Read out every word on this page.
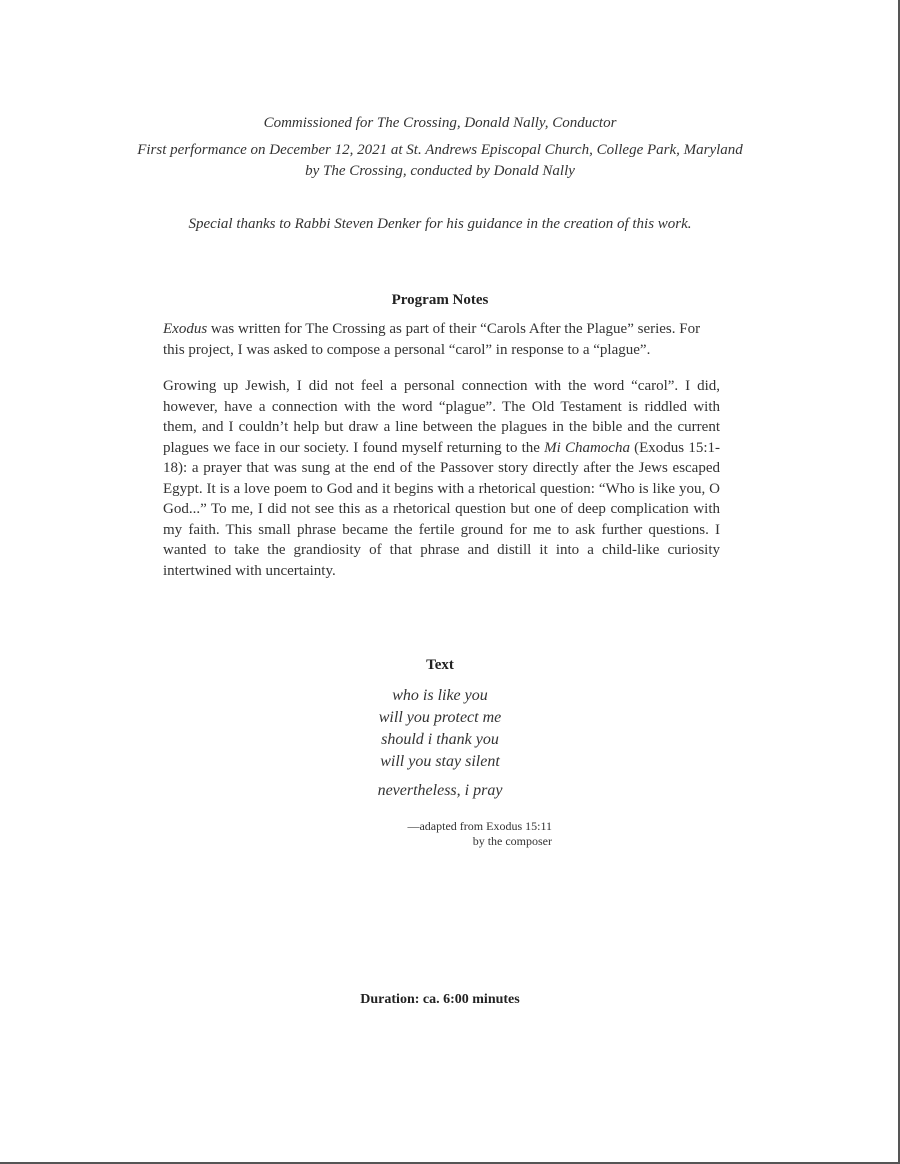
Commissioned for The Crossing, Donald Nally, Conductor
First performance on December 12, 2021 at St. Andrews Episcopal Church, College Park, Maryland
by The Crossing, conducted by Donald Nally
Special thanks to Rabbi Steven Denker for his guidance in the creation of this work.
Program Notes
Exodus was written for The Crossing as part of their “Carols After the Plague” series. For this project, I was asked to compose a personal “carol” in response to a “plague”.
Growing up Jewish, I did not feel a personal connection with the word “carol”. I did, however, have a connection with the word “plague”. The Old Testament is riddled with them, and I couldn’t help but draw a line between the plagues in the bible and the current plagues we face in our society. I found myself returning to the Mi Chamocha (Exodus 15:1-18): a prayer that was sung at the end of the Passover story directly after the Jews escaped Egypt. It is a love poem to God and it begins with a rhetorical question: “Who is like you, O God...” To me, I did not see this as a rhetorical question but one of deep complication with my faith. This small phrase became the fertile ground for me to ask further questions. I wanted to take the grandiosity of that phrase and distill it into a child-like curiosity intertwined with uncertainty.
Text
who is like you
will you protect me
should i thank you
will you stay silent
nevertheless, i pray
—adapted from Exodus 15:11
by the composer
Duration: ca. 6:00 minutes
